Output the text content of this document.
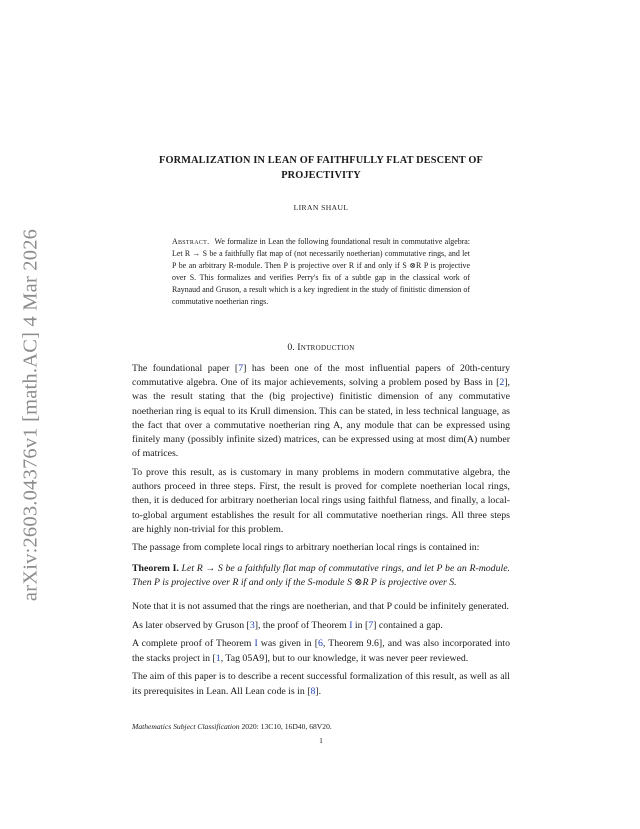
arXiv:2603.04376v1 [math.AC] 4 Mar 2026
FORMALIZATION IN LEAN OF FAITHFULLY FLAT DESCENT OF
PROJECTIVITY
LIRAN SHAUL
Abstract. We formalize in Lean the following foundational result in commutative algebra: Let R → S be a faithfully flat map of (not necessarily noetherian) commutative rings, and let P be an arbitrary R-module. Then P is projective over R if and only if S ⊗R P is projective over S. This formalizes and verifies Perry's fix of a subtle gap in the classical work of Raynaud and Gruson, a result which is a key ingredient in the study of finitistic dimension of commutative noetherian rings.
0. Introduction

The foundational paper [7] has been one of the most influential papers of 20th-century commutative algebra. One of its major achievements, solving a problem posed by Bass in [2], was the result stating that the (big projective) finitistic dimension of any commutative noetherian ring is equal to its Krull dimension. This can be stated, in less technical language, as the fact that over a commutative noetherian ring A, any module that can be expressed using finitely many (possibly infinite sized) matrices, can be expressed using at most dim(A) number of matrices.

To prove this result, as is customary in many problems in modern commutative algebra, the authors proceed in three steps. First, the result is proved for complete noetherian local rings, then, it is deduced for arbitrary noetherian local rings using faithful flatness, and finally, a local-to-global argument establishes the result for all commutative noetherian rings. All three steps are highly non-trivial for this problem.

The passage from complete local rings to arbitrary noetherian local rings is contained in:

Theorem I. Let R → S be a faithfully flat map of commutative rings, and let P be an R-module. Then P is projective over R if and only if the S-module S ⊗R P is projective over S.

Note that it is not assumed that the rings are noetherian, and that P could be infinitely generated.

As later observed by Gruson [3], the proof of Theorem I in [7] contained a gap.

A complete proof of Theorem I was given in [6, Theorem 9.6], and was also incorporated into the stacks project in [1, Tag 05A9], but to our knowledge, it was never peer reviewed.

The aim of this paper is to describe a recent successful formalization of this result, as well as all its prerequisites in Lean. All Lean code is in [8].

Mathematics Subject Classification 2020: 13C10, 16D40, 68V20.
1
